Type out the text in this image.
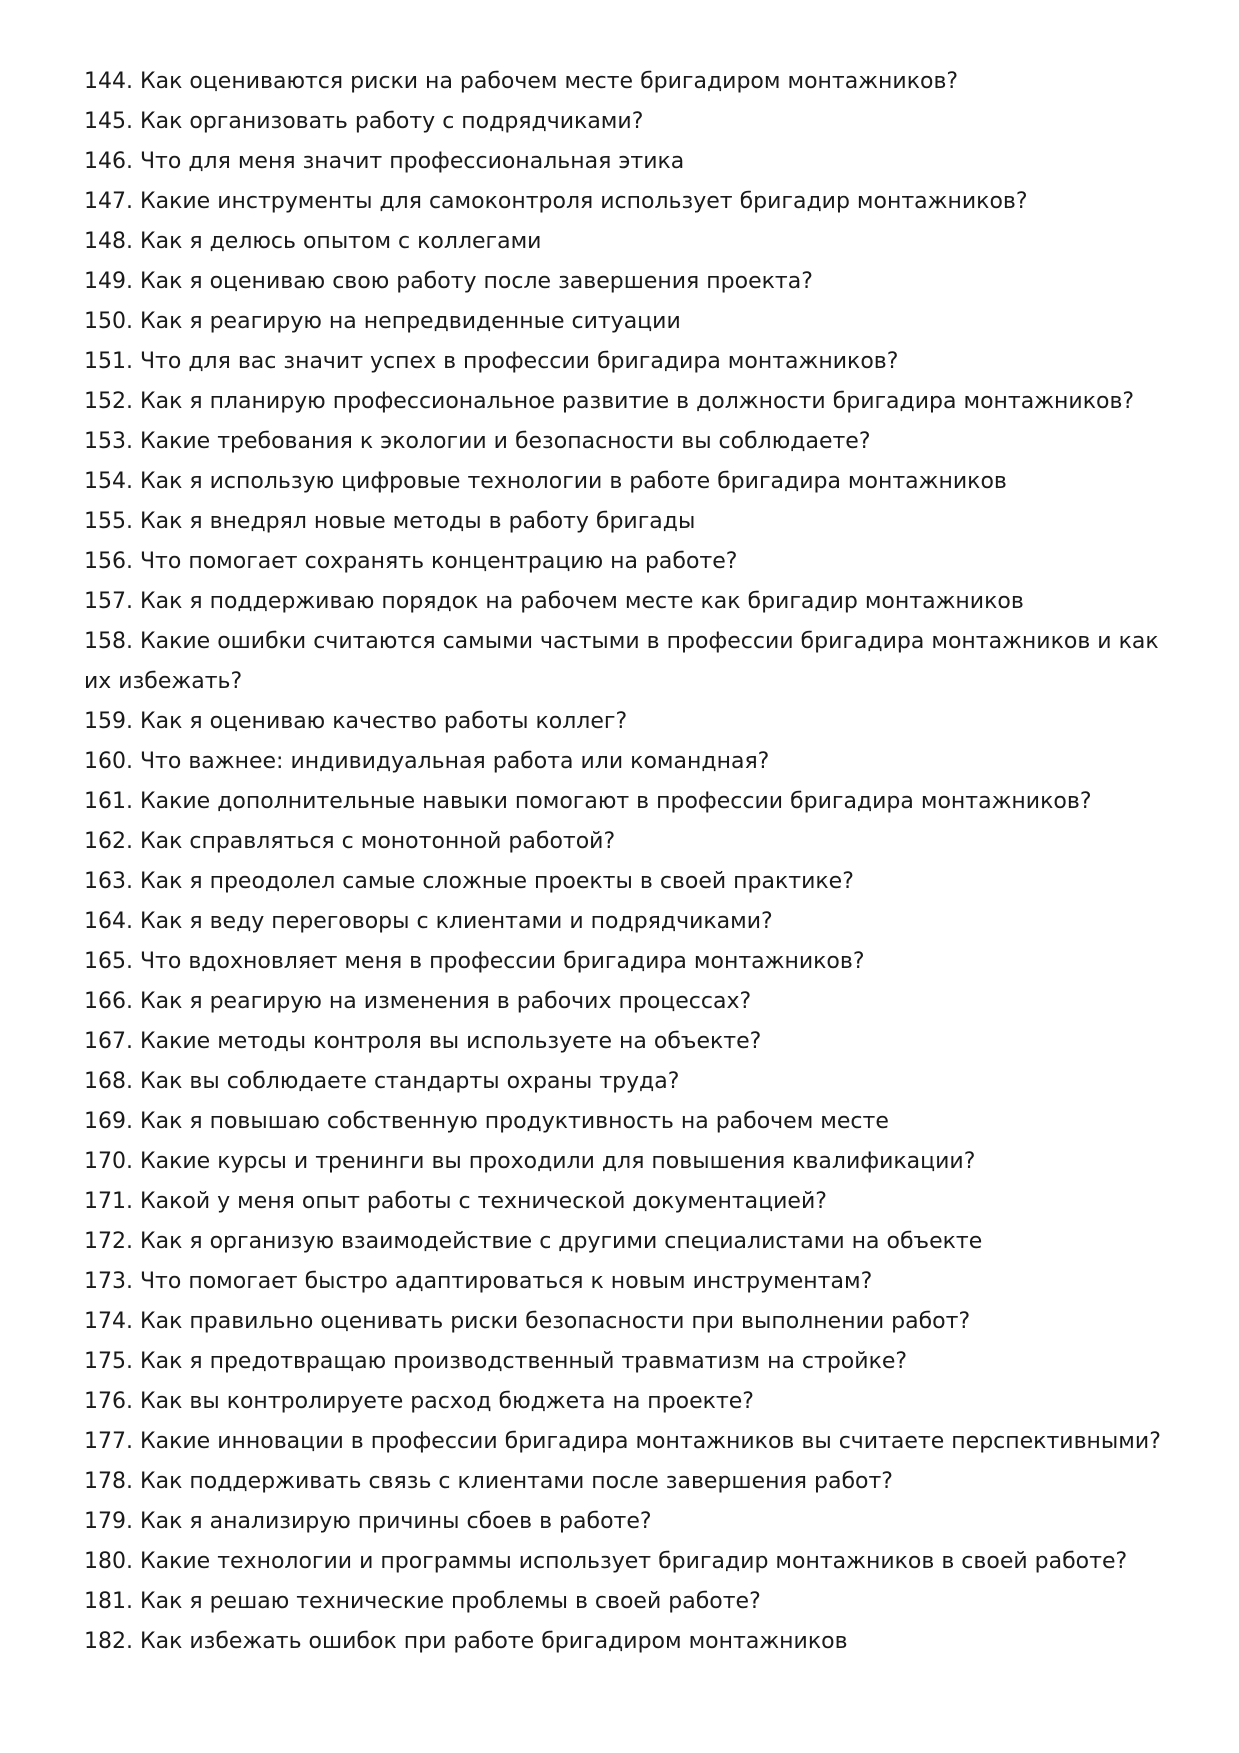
144. Как оцениваются риски на рабочем месте бригадиром монтажников?
145. Как организовать работу с подрядчиками?
146. Что для меня значит профессиональная этика
147. Какие инструменты для самоконтроля использует бригадир монтажников?
148. Как я делюсь опытом с коллегами
149. Как я оцениваю свою работу после завершения проекта?
150. Как я реагирую на непредвиденные ситуации
151. Что для вас значит успех в профессии бригадира монтажников?
152. Как я планирую профессиональное развитие в должности бригадира монтажников?
153. Какие требования к экологии и безопасности вы соблюдаете?
154. Как я использую цифровые технологии в работе бригадира монтажников
155. Как я внедрял новые методы в работу бригады
156. Что помогает сохранять концентрацию на работе?
157. Как я поддерживаю порядок на рабочем месте как бригадир монтажников
158. Какие ошибки считаются самыми частыми в профессии бригадира монтажников и как их избежать?
159. Как я оцениваю качество работы коллег?
160. Что важнее: индивидуальная работа или командная?
161. Какие дополнительные навыки помогают в профессии бригадира монтажников?
162. Как справляться с монотонной работой?
163. Как я преодолел самые сложные проекты в своей практике?
164. Как я веду переговоры с клиентами и подрядчиками?
165. Что вдохновляет меня в профессии бригадира монтажников?
166. Как я реагирую на изменения в рабочих процессах?
167. Какие методы контроля вы используете на объекте?
168. Как вы соблюдаете стандарты охраны труда?
169. Как я повышаю собственную продуктивность на рабочем месте
170. Какие курсы и тренинги вы проходили для повышения квалификации?
171. Какой у меня опыт работы с технической документацией?
172. Как я организую взаимодействие с другими специалистами на объекте
173. Что помогает быстро адаптироваться к новым инструментам?
174. Как правильно оценивать риски безопасности при выполнении работ?
175. Как я предотвращаю производственный травматизм на стройке?
176. Как вы контролируете расход бюджета на проекте?
177. Какие инновации в профессии бригадира монтажников вы считаете перспективными?
178. Как поддерживать связь с клиентами после завершения работ?
179. Как я анализирую причины сбоев в работе?
180. Какие технологии и программы использует бригадир монтажников в своей работе?
181. Как я решаю технические проблемы в своей работе?
182. Как избежать ошибок при работе бригадиром монтажников
